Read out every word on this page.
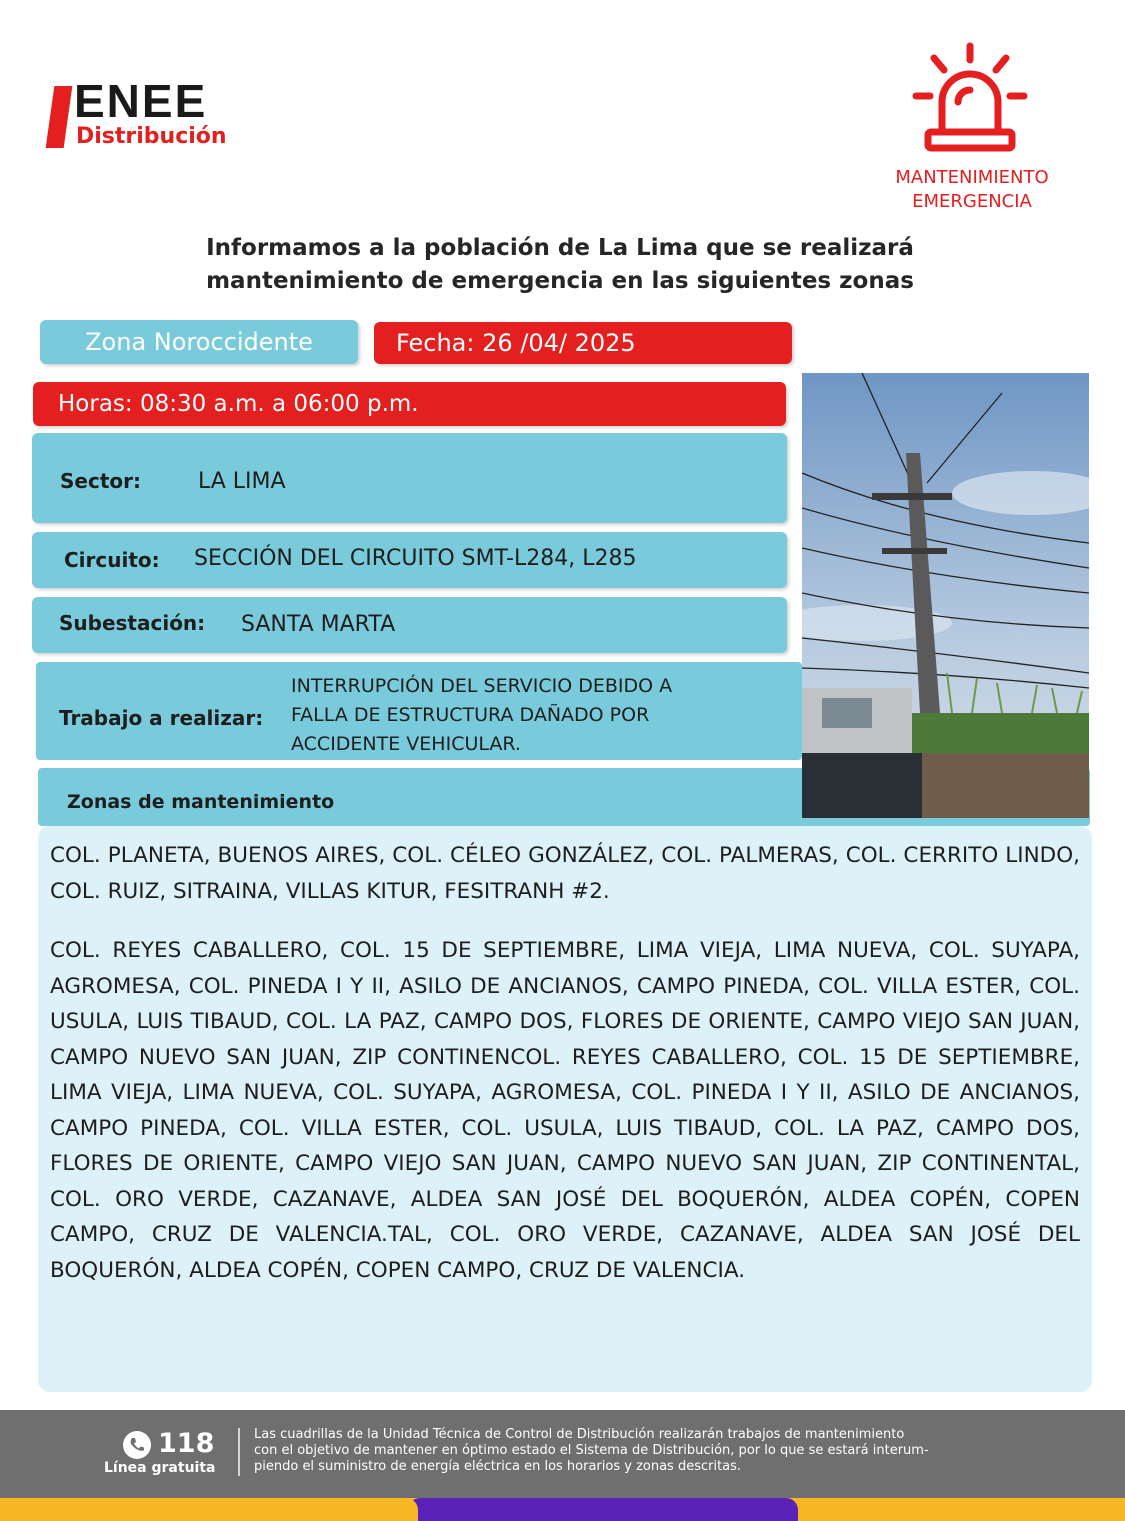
ENEE
Distribución
MANTENIMIENTO
EMERGENCIA
Informamos a la población de La Lima que se realizará
mantenimiento de emergencia en las siguientes zonas
Zona Noroccidente	Fecha: 26 /04/ 2025
Horas: 08:30 a.m. a 06:00 p.m.
Sector:	LA LIMA
Circuito: SECCIÓN DEL CIRCUITO SMT-L284, L285
Subestación: SANTA MARTA
Trabajo a realizar:
INTERRUPCIÓN DEL SERVICIO DEBIDO A
FALLA DE ESTRUCTURA DAÑADO POR
ACCIDENTE VEHICULAR.
Zonas de mantenimiento

COL. PLANETA, BUENOS AIRES, COL. CÉLEO GONZÁLEZ, COL. PALMERAS, COL. CERRITO LINDO, COL. RUIZ, SITRAINA, VILLAS KITUR, FESITRANH #2.

COL. REYES CABALLERO, COL. 15 DE SEPTIEMBRE, LIMA VIEJA, LIMA NUEVA, COL. SUYAPA, AGROMESA, COL. PINEDA I Y II, ASILO DE ANCIANOS, CAMPO PINEDA, COL. VILLA ESTER, COL. USULA, LUIS TIBAUD, COL. LA PAZ, CAMPO DOS, FLORES DE ORIENTE, CAMPO VIEJO SAN JUAN, CAMPO NUEVO SAN JUAN, ZIP CONTINENCOL. REYES CABALLERO, COL. 15 DE SEPTIEMBRE, LIMA VIEJA, LIMA NUEVA, COL. SUYAPA, AGROMESA, COL. PINEDA I Y II, ASILO DE ANCIANOS, CAMPO PINEDA, COL. VILLA ESTER, COL. USULA, LUIS TIBAUD, COL. LA PAZ, CAMPO DOS, FLORES DE ORIENTE, CAMPO VIEJO SAN JUAN, CAMPO NUEVO SAN JUAN, ZIP CONTINENTAL, COL. ORO VERDE, CAZANAVE, ALDEA SAN JOSÉ DEL BOQUERÓN, ALDEA COPÉN, COPEN CAMPO, CRUZ DE VALENCIA.TAL, COL. ORO VERDE, CAZANAVE, ALDEA SAN JOSÉ DEL BOQUERÓN, ALDEA COPÉN, COPEN CAMPO, CRUZ DE VALENCIA.

118
Línea gratuita
Las cuadrillas de la Unidad Técnica de Control de Distribución realizarán trabajos de mantenimiento
con el objetivo de mantener en óptimo estado el Sistema de Distribución, por lo que se estará interum-
piendo el suministro de energía eléctrica en los horarios y zonas descritas.
